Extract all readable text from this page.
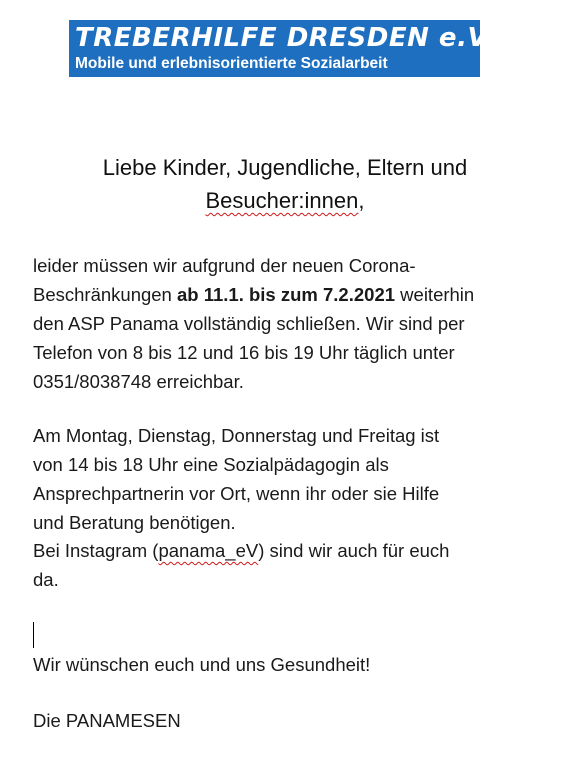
TREBERHILFE DRESDEN e.V.
Mobile und erlebnisorientierte Sozialarbeit
Liebe Kinder, Jugendliche, Eltern und
Besucher:innen,
leider müssen wir aufgrund der neuen Corona-
Beschränkungen ab 11.1. bis zum 7.2.2021 weiterhin
den ASP Panama vollständig schließen. Wir sind per
Telefon von 8 bis 12 und 16 bis 19 Uhr täglich unter
0351/8038748 erreichbar.
Am Montag, Dienstag, Donnerstag und Freitag ist
von 14 bis 18 Uhr eine Sozialpädagogin als
Ansprechpartnerin vor Ort, wenn ihr oder sie Hilfe
und Beratung benötigen.
Bei Instagram (panama_eV) sind wir auch für euch
da.
Wir wünschen euch und uns Gesundheit!
Die PANAMESEN
